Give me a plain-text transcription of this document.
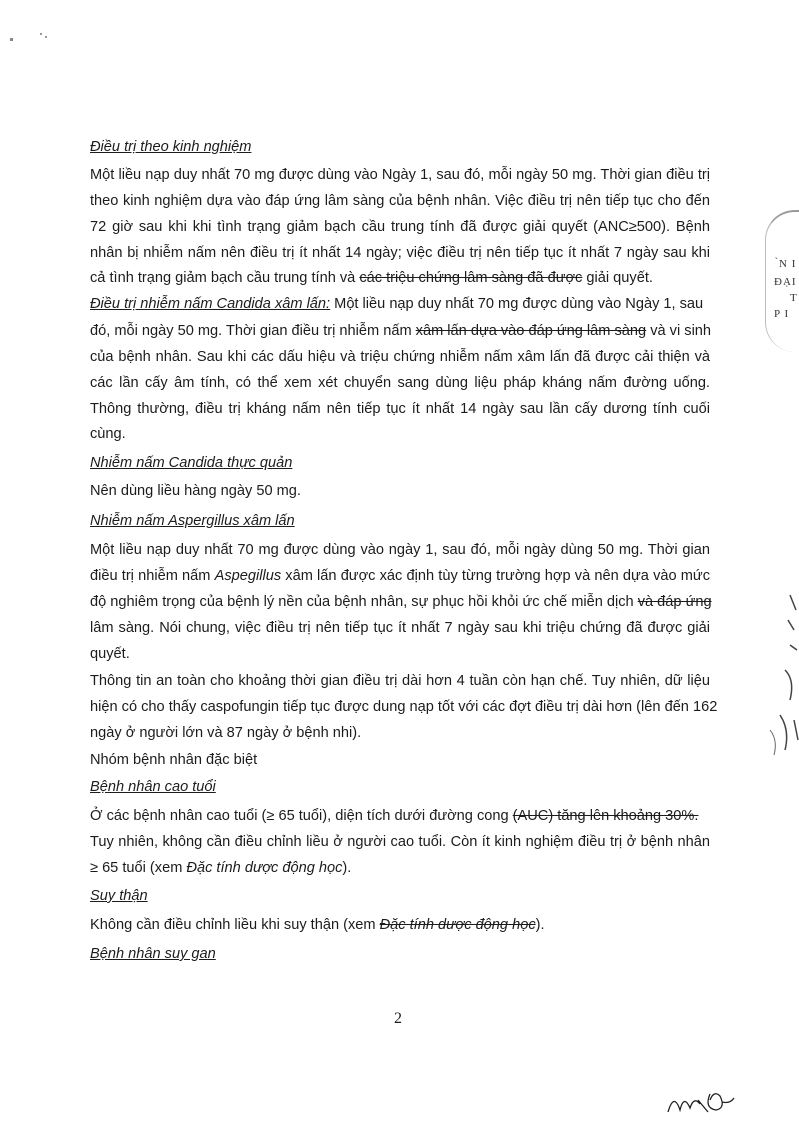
Điều trị theo kinh nghiệm
Một liều nạp duy nhất 70 mg được dùng vào Ngày 1, sau đó, mỗi ngày 50 mg. Thời gian điều trị
theo kinh nghiệm dựa vào đáp ứng lâm sàng của bệnh nhân. Việc điều trị nên tiếp tục cho đến
72 giờ sau khi khi tình trạng giảm bạch cầu trung tính đã được giải quyết (ANC≥500). Bệnh
nhân bị nhiễm nấm nên điều trị ít nhất 14 ngày; việc điều trị nên tiếp tục ít nhất 7 ngày sau khi
cả tình trạng giảm bạch cầu trung tính và các triệu chứng lâm sàng đã được giải quyết.
Điều trị nhiễm nấm Candida xâm lấn: Một liều nạp duy nhất 70 mg được dùng vào Ngày 1, sau
đó, mỗi ngày 50 mg. Thời gian điều trị nhiễm nấm xâm lấn dựa vào đáp ứng lâm sàng và vi sinh
của bệnh nhân. Sau khi các dấu hiệu và triệu chứng nhiễm nấm xâm lấn đã được cải thiện và
các lần cấy âm tính, có thể xem xét chuyển sang dùng liệu pháp kháng nấm đường uống.
Thông thường, điều trị kháng nấm nên tiếp tục ít nhất 14 ngày sau lần cấy dương tính cuối
cùng.
Nhiễm nấm Candida thực quản
Nên dùng liều hàng ngày 50 mg.
Nhiễm nấm Aspergillus xâm lấn
Một liều nạp duy nhất 70 mg được dùng vào ngày 1, sau đó, mỗi ngày dùng 50 mg. Thời gian
điều trị nhiễm nấm Aspegillus xâm lấn được xác định tùy từng trường hợp và nên dựa vào mức
độ nghiêm trọng của bệnh lý nền của bệnh nhân, sự phục hồi khỏi ức chế miễn dịch và đáp ứng
lâm sàng. Nói chung, việc điều trị nên tiếp tục ít nhất 7 ngày sau khi triệu chứng đã được giải
quyết.
Thông tin an toàn cho khoảng thời gian điều trị dài hơn 4 tuần còn hạn chế. Tuy nhiên, dữ liệu
hiện có cho thấy caspofungin tiếp tục được dung nạp tốt với các đợt điều trị dài hơn (lên đến 162
ngày ở người lớn và 87 ngày ở bệnh nhi).
Nhóm bệnh nhân đặc biệt
Bệnh nhân cao tuổi
Ở các bệnh nhân cao tuổi (≥ 65 tuổi), diện tích dưới đường cong (AUC) tăng lên khoảng 30%.
Tuy nhiên, không cần điều chỉnh liều ở người cao tuổi. Còn ít kinh nghiệm điều trị ở bệnh nhân
≥ 65 tuổi (xem Đặc tính dược động học).
Suy thận
Không cần điều chỉnh liều khi suy thận (xem Đặc tính dược động học).
Bệnh nhân suy gan
2
̀N I
ĐẠI
T
P I
